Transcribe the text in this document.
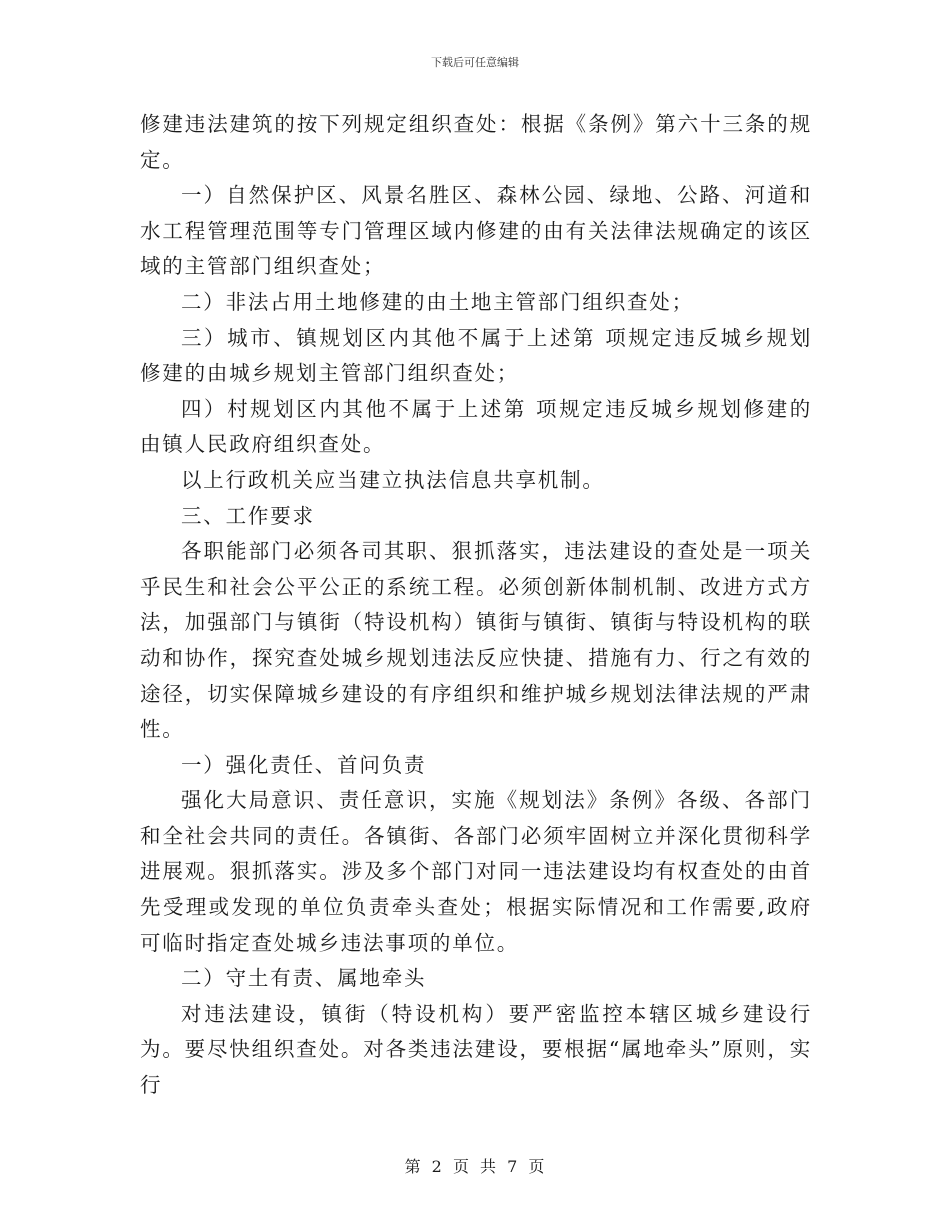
下载后可任意编辑

修建违法建筑的按下列规定组织查处：根据《条例》第六十三条的规定。

一）自然保护区、风景名胜区、森林公园、绿地、公路、河道和水工程管理范围等专门管理区域内修建的由有关法律法规确定的该区域的主管部门组织查处；

二）非法占用土地修建的由土地主管部门组织查处；

三）城市、镇规划区内其他不属于上述第 项规定违反城乡规划修建的由城乡规划主管部门组织查处；

四）村规划区内其他不属于上述第 项规定违反城乡规划修建的由镇人民政府组织查处。

以上行政机关应当建立执法信息共享机制。

三、工作要求

各职能部门必须各司其职、狠抓落实，违法建设的查处是一项关乎民生和社会公平公正的系统工程。必须创新体制机制、改进方式方法，加强部门与镇街（特设机构）镇街与镇街、镇街与特设机构的联动和协作，探究查处城乡规划违法反应快捷、措施有力、行之有效的途径，切实保障城乡建设的有序组织和维护城乡规划法律法规的严肃性。

一）强化责任、首问负责

强化大局意识、责任意识，实施《规划法》条例》各级、各部门和全社会共同的责任。各镇街、各部门必须牢固树立并深化贯彻科学进展观。狠抓落实。涉及多个部门对同一违法建设均有权查处的由首先受理或发现的单位负责牵头查处；根据实际情况和工作需要,政府可临时指定查处城乡违法事项的单位。

二）守土有责、属地牵头

对违法建设，镇街（特设机构）要严密监控本辖区城乡建设行为。要尽快组织查处。对各类违法建设，要根据“属地牵头”原则，实行

第 2 页 共 7 页
